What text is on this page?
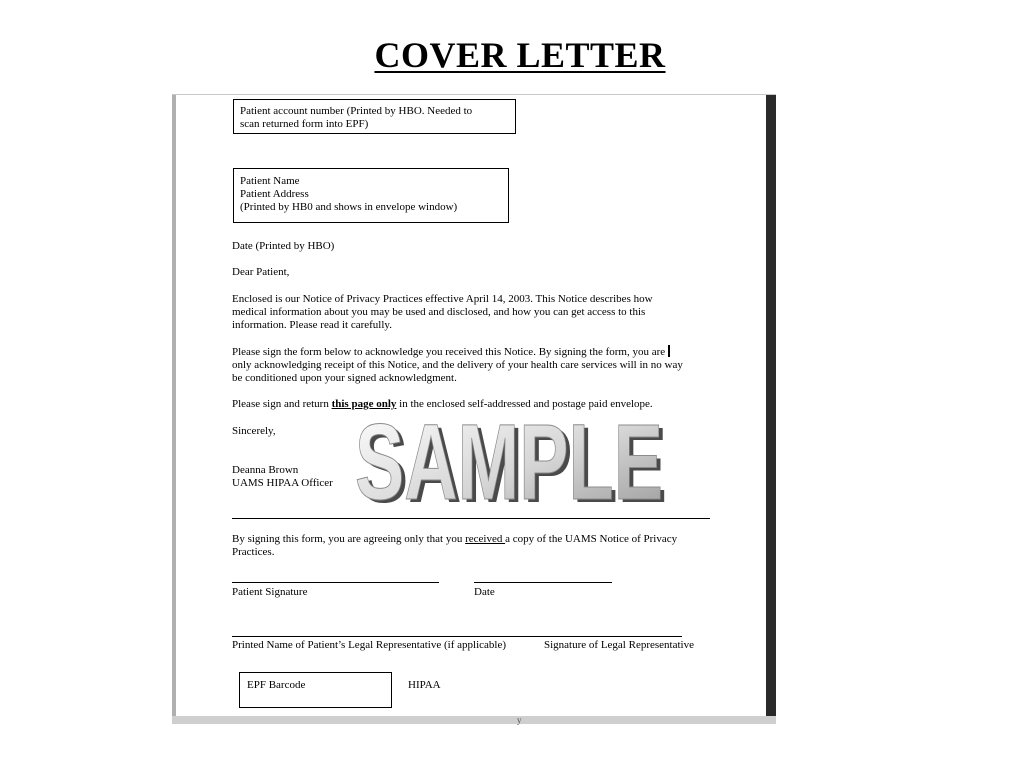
COVER LETTER
y
Patient account number (Printed by HBO. Needed to
scan returned form into EPF)
Patient Name
Patient Address
(Printed by HB0 and shows in envelope window)
Date (Printed by HBO)
Dear Patient,
Enclosed is our Notice of Privacy Practices effective April 14, 2003. This Notice describes how
medical information about you may be used and disclosed, and how you can get access to this
information. Please read it carefully.
Please sign the form below to acknowledge you received this Notice. By signing the form, you are
only acknowledging receipt of this Notice, and the delivery of your health care services will in no way
be conditioned upon your signed acknowledgment.
Please sign and return this page only in the enclosed self-addressed and postage paid envelope.
Sincerely,
Deanna Brown
UAMS HIPAA Officer SAMPLE
SAMPLE
By signing this form, you are agreeing only that you received a copy of the UAMS Notice of Privacy
Practices.
Patient Signature	Date
Printed Name of Patient’s Legal Representative (if applicable)	Signature of Legal Representative
EPF Barcode	HIPAA
